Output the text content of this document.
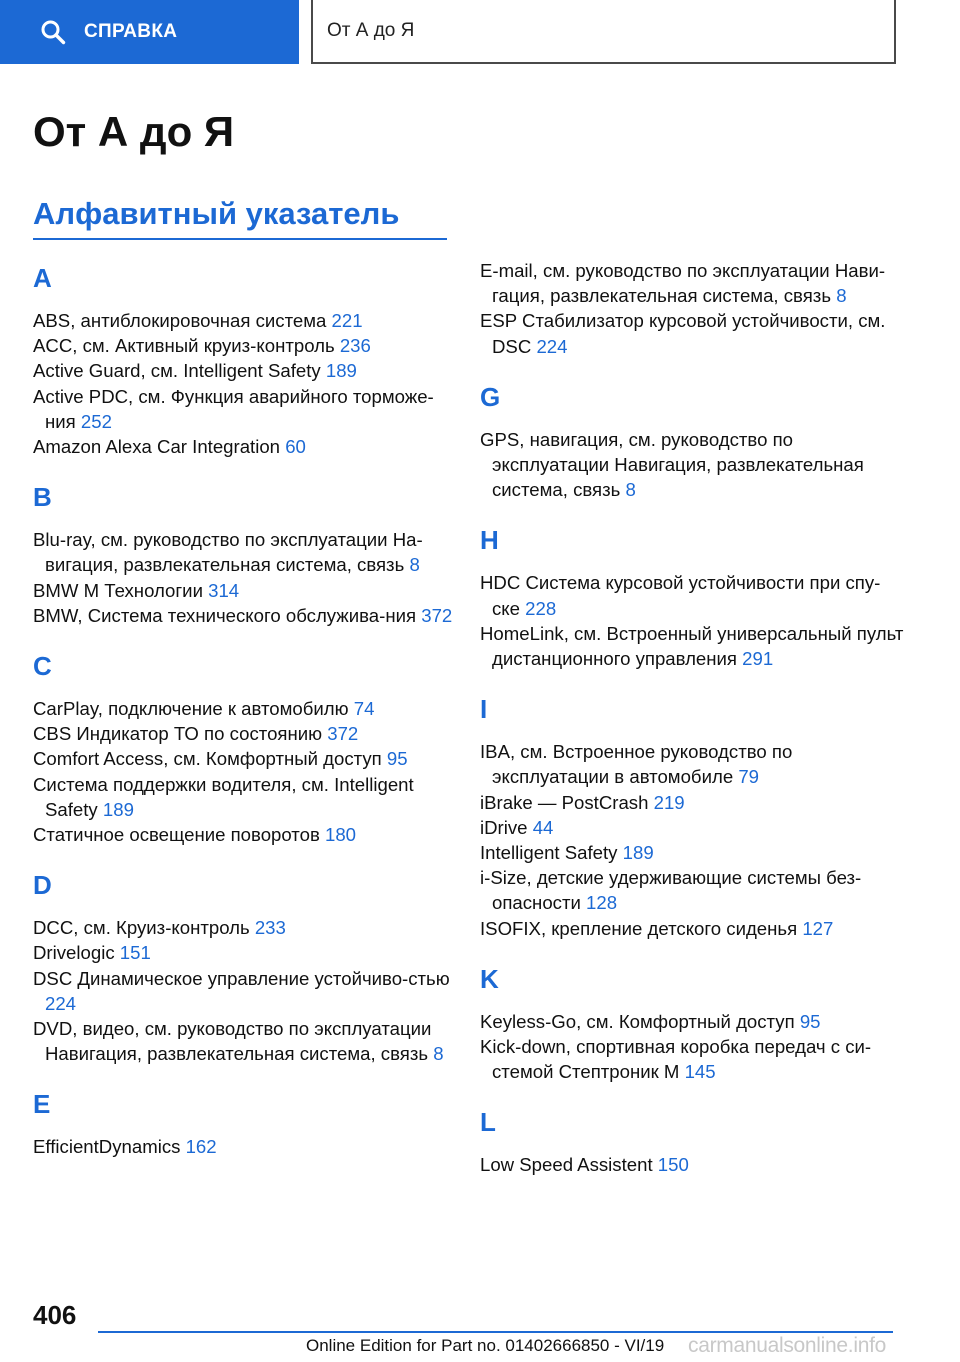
СПРАВКА	От А до Я
От А до Я
Алфавитный указатель
A
ABS, антиблокировочная система 221
ACC, см. Активный круиз-контроль 236
Active Guard, см. Intelligent Safety 189
Active PDC, см. Функция аварийного торможе-ния 252
Amazon Alexa Car Integration 60
B
Blu-ray, см. руководство по эксплуатации На-вигация, развлекательная система, связь 8
BMW M Технологии 314
BMW, Система технического обслужива-ния 372
C
CarPlay, подключение к автомобилю 74
CBS Индикатор ТО по состоянию 372
Comfort Access, см. Комфортный доступ 95
Система поддержки водителя, см. Intelligent Safety 189
Статичное освещение поворотов 180
D
DCC, см. Круиз-контроль 233
Drivelogic 151
DSC Динамическое управление устойчиво-стью 224
DVD, видео, см. руководство по эксплуатации Навигация, развлекательная система, связь 8
E
EfficientDynamics 162
E-mail, см. руководство по эксплуатации Нави-гация, развлекательная система, связь 8
ESP Стабилизатор курсовой устойчивости, см. DSC 224
G
GPS, навигация, см. руководство по эксплуатации Навигация, развлекательная система, связь 8
H
HDC Система курсовой устойчивости при спу-ске 228
HomeLink, см. Встроенный универсальный пульт дистанционного управления 291
I
IBA, см. Встроенное руководство по эксплуатации в автомобиле 79
iBrake — PostCrash 219
iDrive 44
Intelligent Safety 189
i-Size, детские удерживающие системы без-опасности 128
ISOFIX, крепление детского сиденья 127
K
Keyless-Go, см. Комфортный доступ 95
Kick-down, спортивная коробка передач с си-стемой Стептроник M 145
L
Low Speed Assistent 150
406
Online Edition for Part no. 01402666850 - VI/19 carmanualsonline.info
